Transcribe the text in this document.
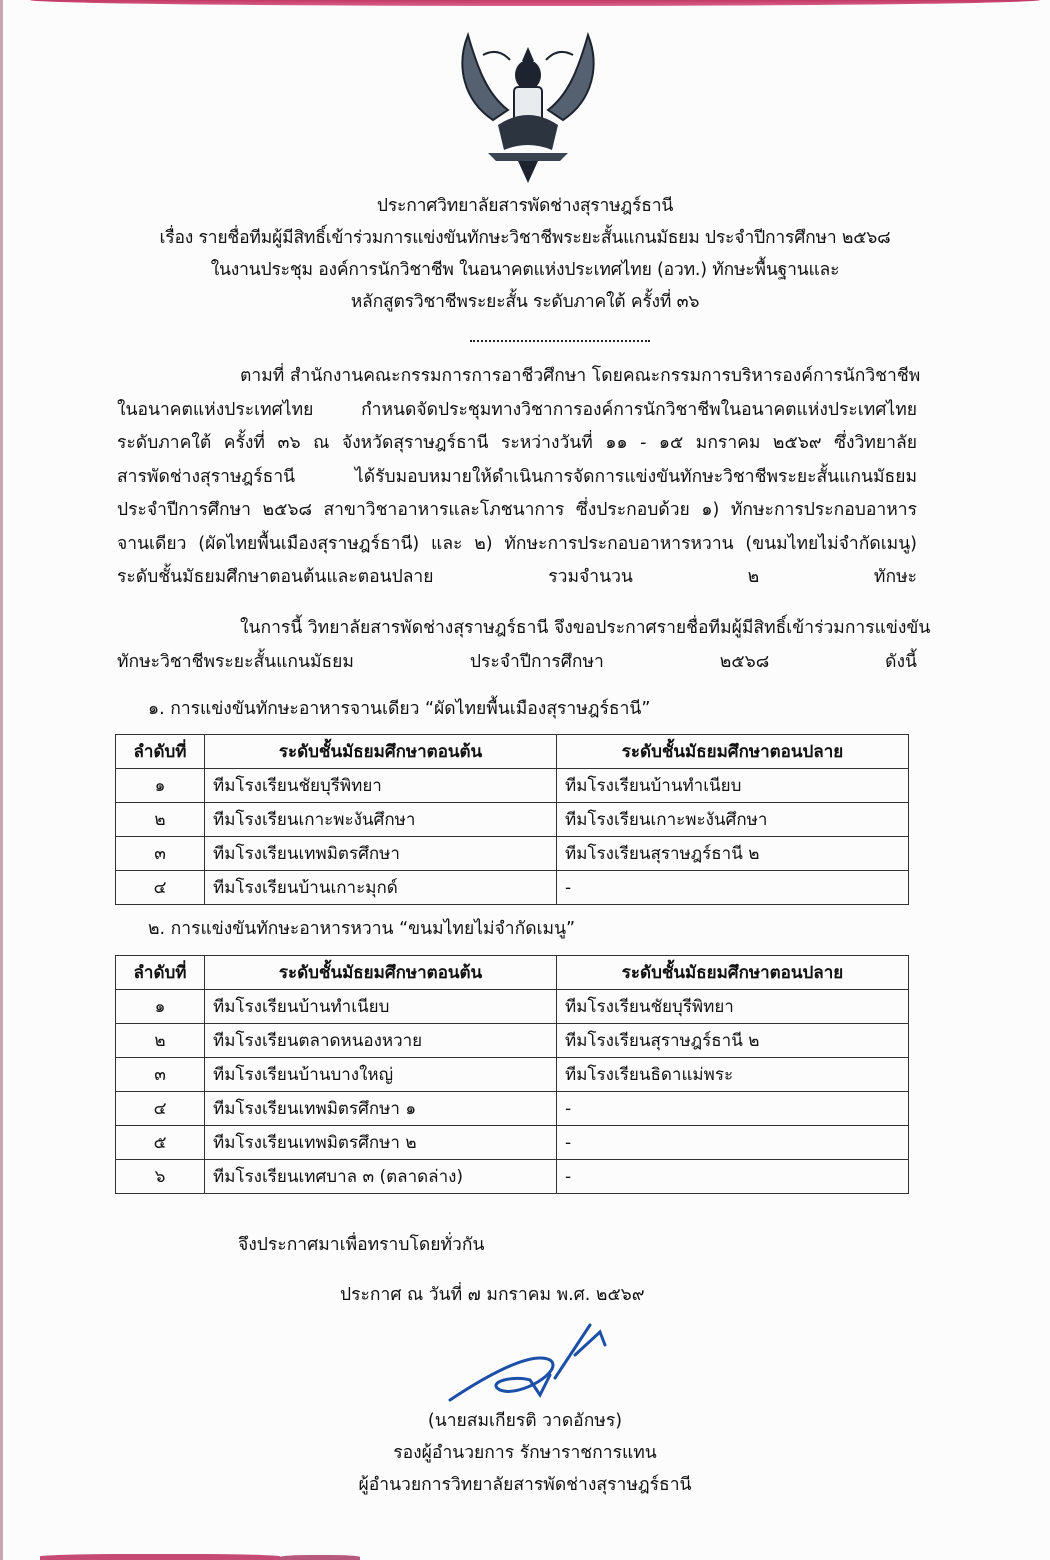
ประกาศวิทยาลัยสารพัดช่างสุราษฎร์ธานี
เรื่อง รายชื่อทีมผู้มีสิทธิ์เข้าร่วมการแข่งขันทักษะวิชาชีพระยะสั้นแกนมัธยม ประจำปีการศึกษา ๒๕๖๘
ในงานประชุม องค์การนักวิชาชีพ ในอนาคตแห่งประเทศไทย (อวท.) ทักษะพื้นฐานและ
หลักสูตรวิชาชีพระยะสั้น ระดับภาคใต้ ครั้งที่ ๓๖
ตามที่ สำนักงานคณะกรรมการการอาชีวศึกษา โดยคณะกรรมการบริหารองค์การนักวิชาชีพ
ในอนาคตแห่งประเทศไทย กำหนดจัดประชุมทางวิชาการองค์การนักวิชาชีพในอนาคตแห่งประเทศไทย
ระดับภาคใต้ ครั้งที่ ๓๖ ณ จังหวัดสุราษฎร์ธานี ระหว่างวันที่ ๑๑ - ๑๕ มกราคม ๒๕๖๙ ซึ่งวิทยาลัย
สารพัดช่างสุราษฎร์ธานี ได้รับมอบหมายให้ดำเนินการจัดการแข่งขันทักษะวิชาชีพระยะสั้นแกนมัธยม
ประจำปีการศึกษา ๒๕๖๘ สาขาวิชาอาหารและโภชนาการ ซึ่งประกอบด้วย ๑) ทักษะการประกอบอาหาร
จานเดียว (ผัดไทยพื้นเมืองสุราษฎร์ธานี) และ ๒) ทักษะการประกอบอาหารหวาน (ขนมไทยไม่จำกัดเมนู)
ระดับชั้นมัธยมศึกษาตอนต้นและตอนปลาย รวมจำนวน ๒ ทักษะ
ในการนี้ วิทยาลัยสารพัดช่างสุราษฎร์ธานี จึงขอประกาศรายชื่อทีมผู้มีสิทธิ์เข้าร่วมการแข่งขัน
ทักษะวิชาชีพระยะสั้นแกนมัธยม ประจำปีการศึกษา ๒๕๖๘ ดังนี้
๑. การแข่งขันทักษะอาหารจานเดียว “ผัดไทยพื้นเมืองสุราษฎร์ธานี”
ลำดับที่	ระดับชั้นมัธยมศึกษาตอนต้น	ระดับชั้นมัธยมศึกษาตอนปลาย
๑	ทีมโรงเรียนชัยบุรีพิทยา	ทีมโรงเรียนบ้านทำเนียบ
๒	ทีมโรงเรียนเกาะพะงันศึกษา	ทีมโรงเรียนเกาะพะงันศึกษา
๓	ทีมโรงเรียนเทพมิตรศึกษา	ทีมโรงเรียนสุราษฎร์ธานี ๒
๔	ทีมโรงเรียนบ้านเกาะมุกด์	-
๒. การแข่งขันทักษะอาหารหวาน “ขนมไทยไม่จำกัดเมนู”
ลำดับที่	ระดับชั้นมัธยมศึกษาตอนต้น	ระดับชั้นมัธยมศึกษาตอนปลาย
๑	ทีมโรงเรียนบ้านทำเนียบ	ทีมโรงเรียนชัยบุรีพิทยา
๒	ทีมโรงเรียนตลาดหนองหวาย	ทีมโรงเรียนสุราษฎร์ธานี ๒
๓	ทีมโรงเรียนบ้านบางใหญ่	ทีมโรงเรียนธิดาแม่พระ
๔	ทีมโรงเรียนเทพมิตรศึกษา ๑	-
๕	ทีมโรงเรียนเทพมิตรศึกษา ๒	-
๖	ทีมโรงเรียนเทศบาล ๓ (ตลาดล่าง)	-
จึงประกาศมาเพื่อทราบโดยทั่วกัน
ประกาศ ณ วันที่ ๗ มกราคม พ.ศ. ๒๕๖๙
(นายสมเกียรติ วาดอักษร)
รองผู้อำนวยการ รักษาราชการแทน
ผู้อำนวยการวิทยาลัยสารพัดช่างสุราษฎร์ธานี
